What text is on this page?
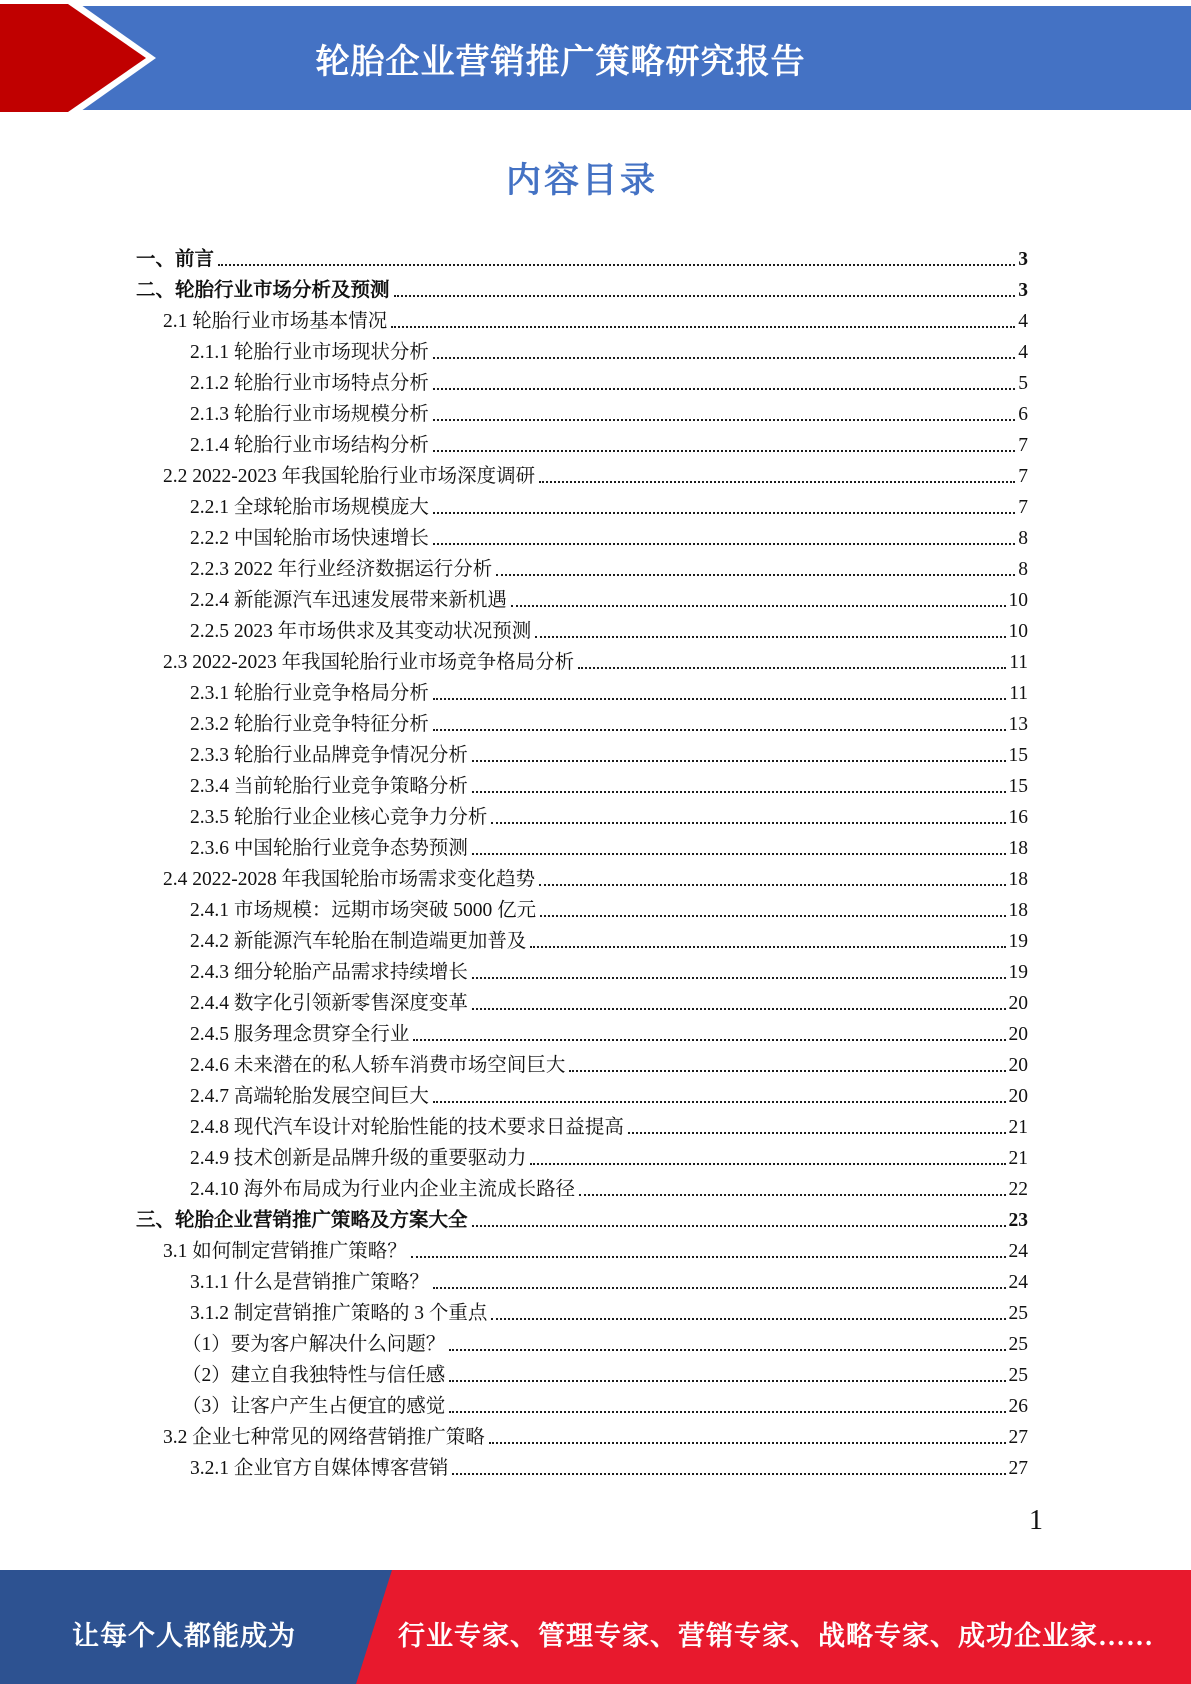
轮胎企业营销推广策略研究报告
内容目录
一、前言	3
二、轮胎行业市场分析及预测	3
2.1 轮胎行业市场基本情况	4
2.1.1 轮胎行业市场现状分析	4
2.1.2 轮胎行业市场特点分析	5
2.1.3 轮胎行业市场规模分析	6
2.1.4 轮胎行业市场结构分析	7
2.2 2022-2023 年我国轮胎行业市场深度调研	7
2.2.1 全球轮胎市场规模庞大	7
2.2.2 中国轮胎市场快速增长	8
2.2.3 2022 年行业经济数据运行分析	8
2.2.4 新能源汽车迅速发展带来新机遇	10
2.2.5 2023 年市场供求及其变动状况预测	10
2.3 2022-2023 年我国轮胎行业市场竞争格局分析	11
2.3.1 轮胎行业竞争格局分析	11
2.3.2 轮胎行业竞争特征分析	13
2.3.3 轮胎行业品牌竞争情况分析	15
2.3.4 当前轮胎行业竞争策略分析	15
2.3.5 轮胎行业企业核心竞争力分析	16
2.3.6 中国轮胎行业竞争态势预测	18
2.4 2022-2028 年我国轮胎市场需求变化趋势	18
2.4.1 市场规模：远期市场突破 5000 亿元	18
2.4.2 新能源汽车轮胎在制造端更加普及	19
2.4.3 细分轮胎产品需求持续增长	19
2.4.4 数字化引领新零售深度变革	20
2.4.5 服务理念贯穿全行业	20
2.4.6 未来潜在的私人轿车消费市场空间巨大	20
2.4.7 高端轮胎发展空间巨大	20
2.4.8 现代汽车设计对轮胎性能的技术要求日益提高	21
2.4.9 技术创新是品牌升级的重要驱动力	21
2.4.10 海外布局成为行业内企业主流成长路径	22
三、轮胎企业营销推广策略及方案大全	23
3.1 如何制定营销推广策略？	24
3.1.1 什么是营销推广策略？	24
3.1.2 制定营销推广策略的 3 个重点	25
（1）要为客户解决什么问题？	25
（2）建立自我独特性与信任感	25
（3）让客户产生占便宜的感觉	26
3.2 企业七种常见的网络营销推广策略	27
3.2.1 企业官方自媒体博客营销	27
1
让每个人都能成为	行业专家、管理专家、营销专家、战略专家、成功企业家……
